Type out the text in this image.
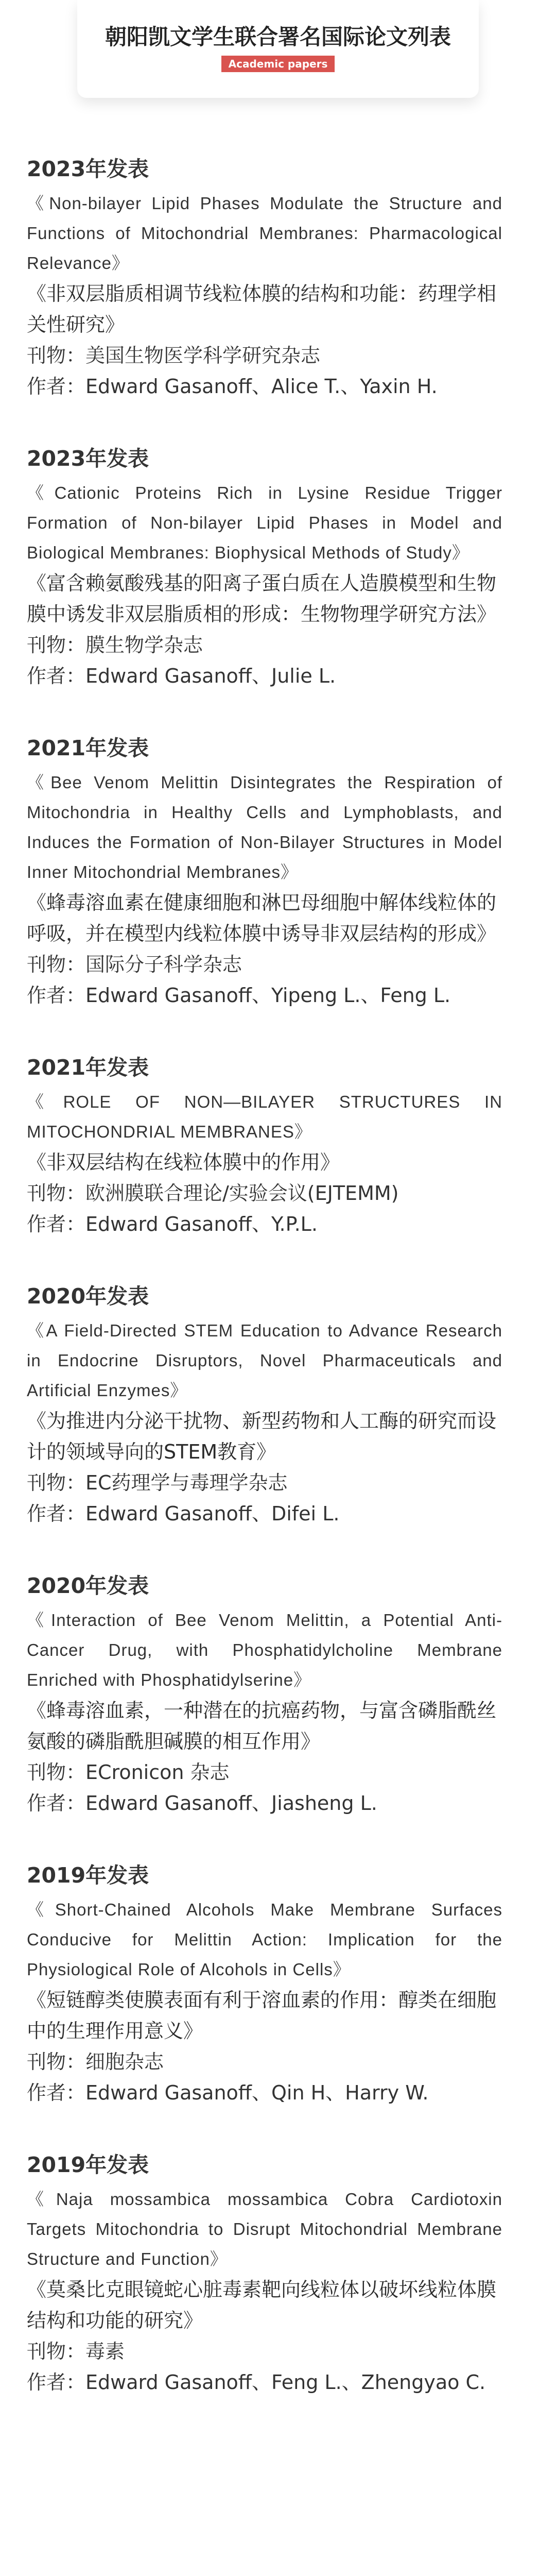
朝阳凯文学生联合署名国际论文列表
Academic papers
2023年发表

《Non-bilayer Lipid Phases Modulate the Structure and Functions of Mitochondrial Membranes: Pharmacological Relevance》

《非双层脂质相调节线粒体膜的结构和功能：药理学相关性研究》

刊物：美国生物医学科学研究杂志

作者：Edward Gasanoff、Alice T.、Yaxin H.

2023年发表

《Cationic Proteins Rich in Lysine Residue Trigger Formation of Non-bilayer Lipid Phases in Model and Biological Membranes: Biophysical Methods of Study》

《富含赖氨酸残基的阳离子蛋白质在人造膜模型和生物膜中诱发非双层脂质相的形成：生物物理学研究方法》

刊物：膜生物学杂志

作者：Edward Gasanoff、Julie L.

2021年发表

《Bee Venom Melittin Disintegrates the Respiration of Mitochondria in Healthy Cells and Lymphoblasts, and Induces the Formation of Non-Bilayer Structures in Model Inner Mitochondrial Membranes》

《蜂毒溶血素在健康细胞和淋巴母细胞中解体线粒体的呼吸，并在模型内线粒体膜中诱导非双层结构的形成》

刊物：国际分子科学杂志

作者：Edward Gasanoff、Yipeng L.、Feng L.

2021年发表

《ROLE OF NON—BILAYER STRUCTURES IN MITOCHONDRIAL MEMBRANES》

《非双层结构在线粒体膜中的作用》

刊物：欧洲膜联合理论/实验会议(EJTEMM)

作者：Edward Gasanoff、Y.P.L.

2020年发表

《A Field-Directed STEM Education to Advance Research in Endocrine Disruptors, Novel Pharmaceuticals and Artificial Enzymes》

《为推进内分泌干扰物、新型药物和人工酶的研究而设计的领域导向的STEM教育》

刊物：EC药理学与毒理学杂志

作者：Edward Gasanoff、Difei L.

2020年发表

《Interaction of Bee Venom Melittin, a Potential Anti-Cancer Drug, with Phosphatidylcholine Membrane Enriched with Phosphatidylserine》

《蜂毒溶血素，一种潜在的抗癌药物，与富含磷脂酰丝氨酸的磷脂酰胆碱膜的相互作用》

刊物：ECronicon 杂志

作者：Edward Gasanoff、Jiasheng L.

2019年发表

《Short-Chained Alcohols Make Membrane Surfaces Conducive for Melittin Action: Implication for the Physiological Role of Alcohols in Cells》

《短链醇类使膜表面有利于溶血素的作用：醇类在细胞中的生理作用意义》

刊物：细胞杂志

作者：Edward Gasanoff、Qin H、Harry W.

2019年发表

《Naja mossambica mossambica Cobra Cardiotoxin Targets Mitochondria to Disrupt Mitochondrial Membrane Structure and Function》

《莫桑比克眼镜蛇心脏毒素靶向线粒体以破坏线粒体膜结构和功能的研究》

刊物：毒素

作者：Edward Gasanoff、Feng L.、Zhengyao C.
